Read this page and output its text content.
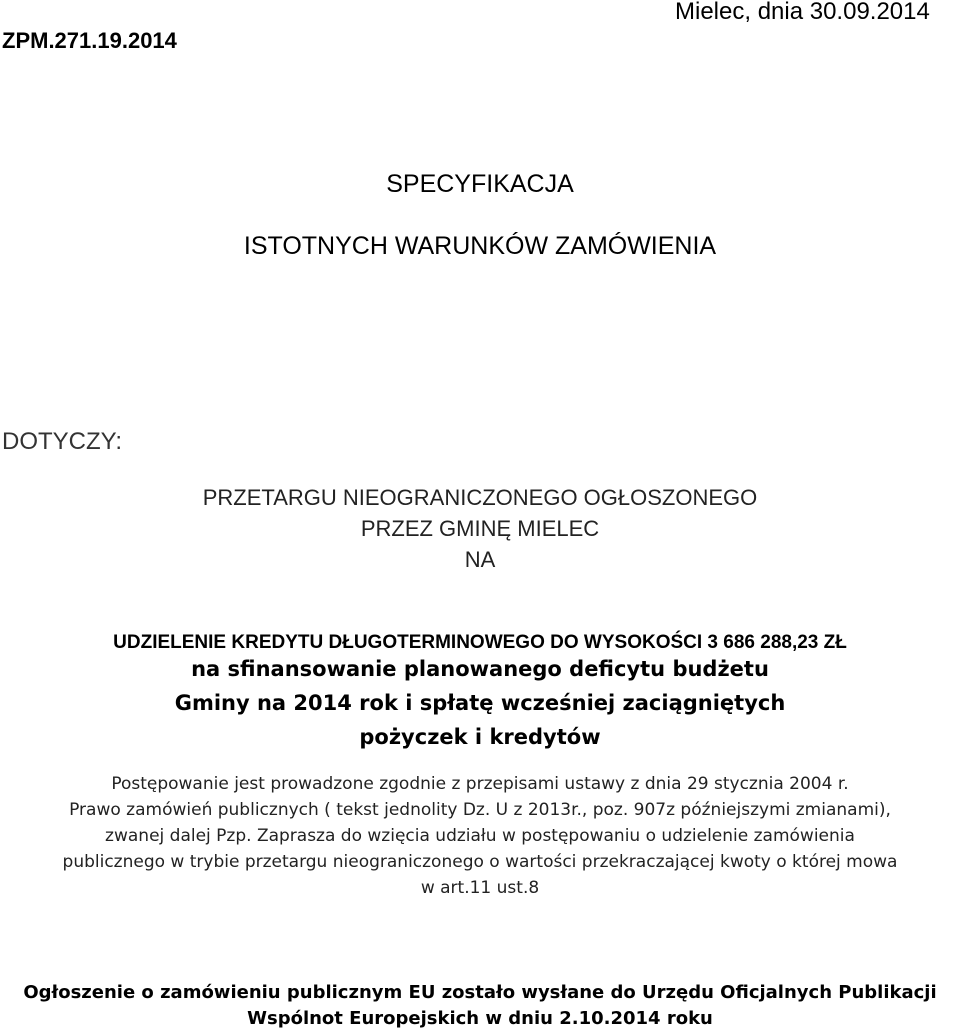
ZPM.271.19.2014
Mielec, dnia 30.09.2014
SPECYFIKACJA
ISTOTNYCH WARUNKÓW ZAMÓWIENIA
DOTYCZY:
PRZETARGU NIEOGRANICZONEGO OGŁOSZONEGO
PRZEZ GMINĘ MIELEC
NA
UDZIELENIE KREDYTU DŁUGOTERMINOWEGO DO WYSOKOŚCI 3 686 288,23 ZŁ
na sfinansowanie planowanego deficytu budżetu
Gminy na 2014 rok i spłatę wcześniej zaciągniętych
pożyczek i kredytów
Postępowanie jest prowadzone zgodnie z przepisami ustawy z dnia 29 stycznia 2004 r.
Prawo zamówień publicznych ( tekst jednolity Dz. U z 2013r., poz. 907z późniejszymi zmianami),
zwanej dalej Pzp. Zaprasza do wzięcia udziału w postępowaniu o udzielenie zamówienia
publicznego w trybie przetargu nieograniczonego o wartości przekraczającej kwoty o której mowa
w art.11 ust.8
Ogłoszenie o zamówieniu publicznym EU zostało wysłane do Urzędu Oficjalnych Publikacji
Wspólnot Europejskich w dniu 2.10.2014 roku
